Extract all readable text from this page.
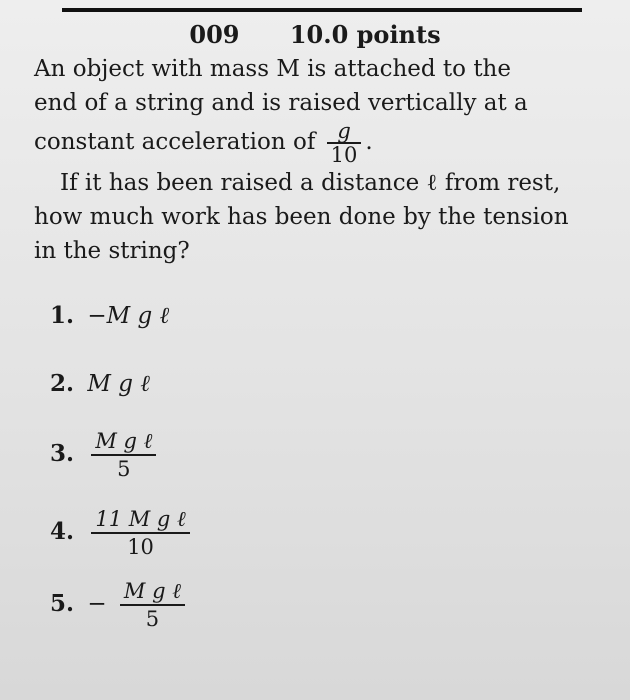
009 10.0 points
An object with mass M is attached to the
end of a string and is raised vertically at a
constant acceleration of $\frac{g}{10}$ .
If it has been raised a distance ℓ from rest,
how much work has been done by the tension
in the string?
1. −M g ℓ
2. M g ℓ
3. $\frac{\text{M g ℓ}}{5}$
4. $\frac{\text{11 M g ℓ}}{10}$
5. − $\frac{\text{M g ℓ}}{5}$
